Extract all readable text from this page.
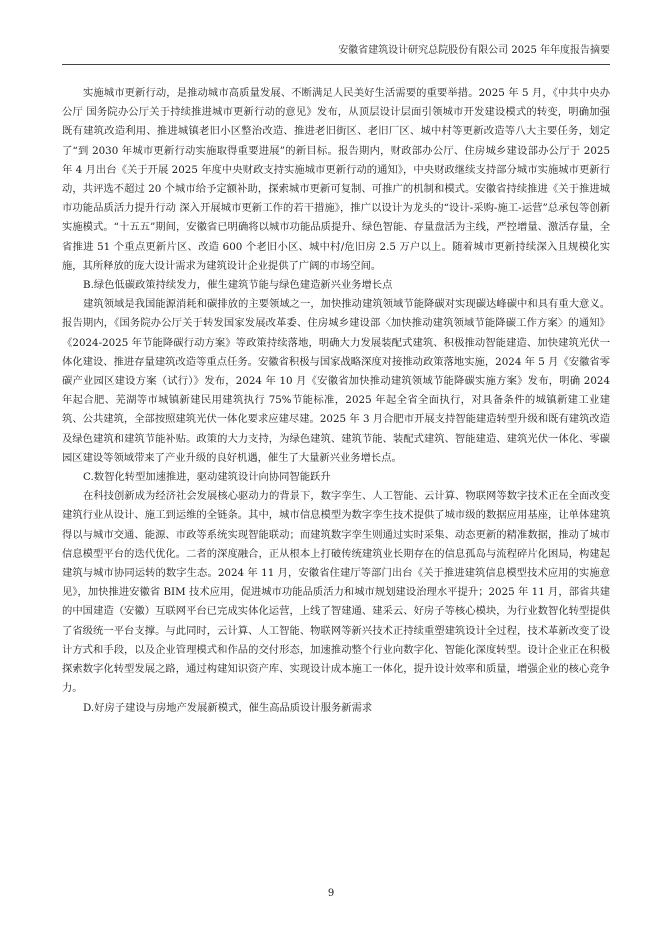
安徽省建筑设计研究总院股份有限公司 2025 年年度报告摘要

实施城市更新行动，是推动城市高质量发展、不断满足人民美好生活需要的重要举措。2025 年 5 月，《中共中央办公厅 国务院办公厅关于持续推进城市更新行动的意见》发布，从顶层设计层面引领城市开发建设模式的转变，明确加强既有建筑改造利用、推进城镇老旧小区整治改造、推进老旧街区、老旧厂区、城中村等更新改造等八大主要任务，划定了“到 2030 年城市更新行动实施取得重要进展”的新目标。报告期内，财政部办公厅、住房城乡建设部办公厅于 2025 年 4 月出台《关于开展 2025 年度中央财政支持实施城市更新行动的通知》，中央财政继续支持部分城市实施城市更新行动，共评选不超过 20 个城市给予定额补助，探索城市更新可复制、可推广的机制和模式。安徽省持续推进《关于推进城市功能品质活力提升行动 深入开展城市更新工作的若干措施》，推广以设计为龙头的“设计-采购-施工-运营”总承包等创新实施模式。“十五五”期间，安徽省已明确将以城市功能品质提升、绿色智能、存量盘活为主线，严控增量、激活存量，全省推进 51 个重点更新片区、改造 600 个老旧小区、城中村/危旧房 2.5 万户以上。随着城市更新持续深入且规模化实施，其所释放的庞大设计需求为建筑设计企业提供了广阔的市场空间。

B.绿色低碳政策持续发力，催生建筑节能与绿色建造新兴业务增长点

建筑领域是我国能源消耗和碳排放的主要领域之一，加快推动建筑领域节能降碳对实现碳达峰碳中和具有重大意义。报告期内，《国务院办公厅关于转发国家发展改革委、住房城乡建设部〈加快推动建筑领域节能降碳工作方案〉的通知》《2024-2025 年节能降碳行动方案》等政策持续落地，明确大力发展装配式建筑、积极推动智能建造、加快建筑光伏一体化建设、推进存量建筑改造等重点任务。安徽省积极与国家战略深度对接推动政策落地实施，2024 年 5 月《安徽省零碳产业园区建设方案（试行）》发布，2024 年 10 月《安徽省加快推动建筑领域节能降碳实施方案》发布，明确 2024 年起合肥、芜湖等市城镇新建民用建筑执行 75%节能标准，2025 年起全省全面执行，对具备条件的城镇新建工业建筑、公共建筑，全部按照建筑光伏一体化要求应建尽建。2025 年 3 月合肥市开展支持智能建造转型升级和既有建筑改造及绿色建筑和建筑节能补贴。政策的大力支持，为绿色建筑、建筑节能、装配式建筑、智能建造、建筑光伏一体化、零碳园区建设等领域带来了产业升级的良好机遇，催生了大量新兴业务增长点。

C.数智化转型加速推进，驱动建筑设计向协同智能跃升

在科技创新成为经济社会发展核心驱动力的背景下，数字孪生、人工智能、云计算、物联网等数字技术正在全面改变建筑行业从设计、施工到运维的全链条。其中，城市信息模型为数字孪生技术提供了城市级的数据应用基座，让单体建筑得以与城市交通、能源、市政等系统实现智能联动；而建筑数字孪生则通过实时采集、动态更新的精准数据，推动了城市信息模型平台的迭代优化。二者的深度融合，正从根本上打破传统建筑业长期存在的信息孤岛与流程碎片化困局，构建起建筑与城市协同运转的数字生态。2024 年 11 月，安徽省住建厅等部门出台《关于推进建筑信息模型技术应用的实施意见》，加快推进安徽省 BIM 技术应用，促进城市功能品质活力和城市规划建设治理水平提升；2025 年 11 月，部省共建的中国建造（安徽）互联网平台已完成实体化运营，上线了智建通、建采云、好房子等核心模块，为行业数智化转型提供了省级统一平台支撑。与此同时，云计算、人工智能、物联网等新兴技术正持续重塑建筑设计全过程，技术革新改变了设计方式和手段，以及企业管理模式和作品的交付形态，加速推动整个行业向数字化、智能化深度转型。设计企业正在积极探索数字化转型发展之路，通过构建知识资产库、实现设计成本施工一体化，提升设计效率和质量，增强企业的核心竞争力。

D.好房子建设与房地产发展新模式，催生高品质设计服务新需求

9
